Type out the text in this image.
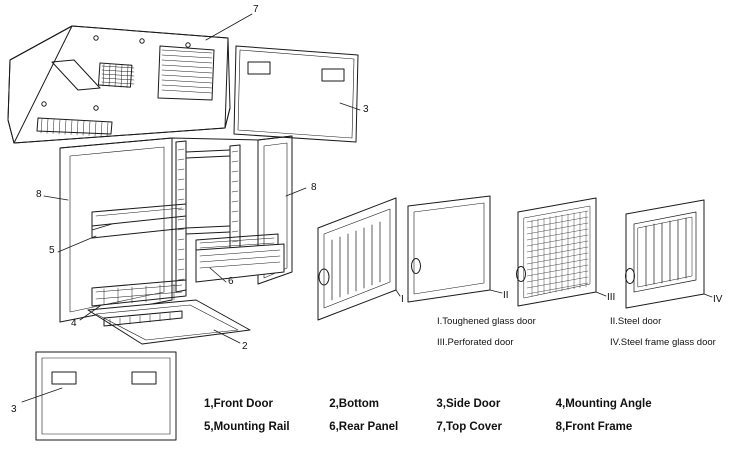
7
3
8
8
5
4
2
6
3
I	II	III	IV
I.Toughened glass door	II.Steel door
III.Perforated door	IV.Steel frame glass door
1,Front Door	2,Bottom	3,Side Door	4,Mounting Angle
5,Mounting Rail	6,Rear Panel	7,Top Cover	8,Front Frame
